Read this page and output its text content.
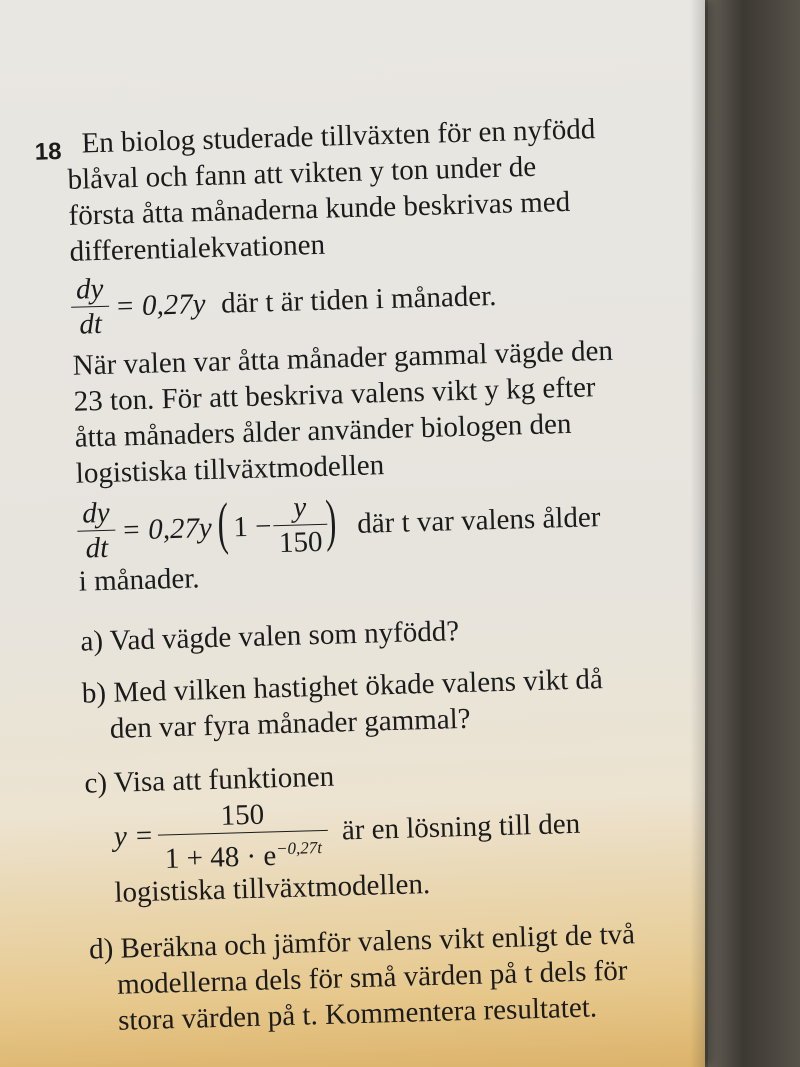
18 En biolog studerade tillväxten för en nyfödd
blåval och fann att vikten y ton under de
första åtta månaderna kunde beskrivas med
differentialekvationen
$\frac{dy}{dt} = 0,27y$ där t är tiden i månader.
När valen var åtta månader gammal vägde den
23 ton. För att beskriva valens vikt y kg efter
åtta månaders ålder använder biologen den
logistiska tillväxtmodellen
$\frac{dy}{dt} = 0,27y$ ( $1 - \frac{y}{150}$
) där t var valens ålder
i månader.
a) Vad vägde valen som nyfödd?
b) Med vilken hastighet ökade valens vikt då
den var fyra månader gammal?
c) Visa att funktionen
$y = \frac{150}{1 + 48 \cdot e^{-0,27t}}$ är en lösning till den
logistiska tillväxtmodellen.
d) Beräkna och jämför valens vikt enligt de två
modellerna dels för små värden på t dels för
stora värden på t. Kommentera resultatet.
